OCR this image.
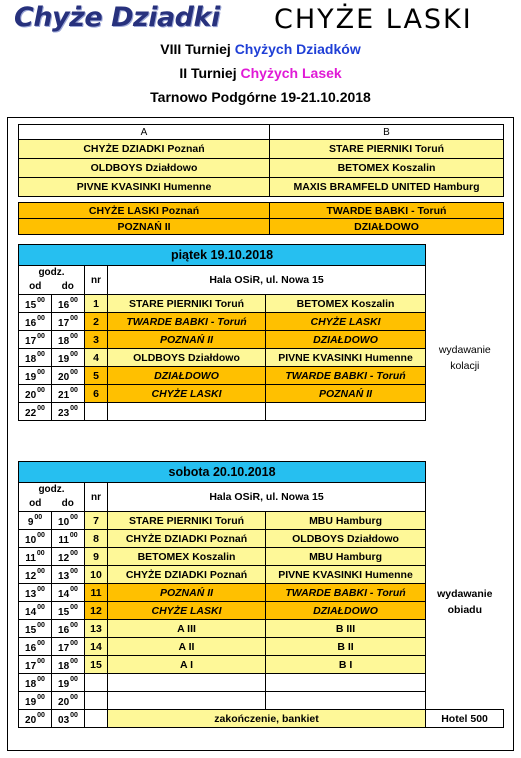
Chyże Dziadki CHYŻE LASKI
VIII Turniej Chyżych Dziadków
II Turniej Chyżych Lasek
Tarnowo Podgórne 19-21.10.2018
A	B
CHYŻE DZIADKI Poznań	STARE PIERNIKI Toruń
OLDBOYS Działdowo	BETOMEX Koszalin
PIVNE KVASINKI Humenne	MAXIS BRAMFELD UNITED Hamburg
CHYŻE LASKI Poznań	TWARDE BABKI - Toruń
POZNAŃ II	DZIAŁDOWO
piątek 19.10.2018					
godz.		nr	Hala OSiR, ul. Nowa 15		
od	do				
$15^{00}$	$16^{00}$	1	STARE PIERNIKI Toruń	BETOMEX Koszalin	
$16^{00}$	$17^{00}$	2	TWARDE BABKI - Toruń	CHYŻE LASKI	
$17^{00}$	$18^{00}$	3	POZNAŃ II	DZIAŁDOWO	wydawanie kolacji
$18^{00}$	$19^{00}$	4	OLDBOYS Działdowo	PIVNE KVASINKI Humenne	
$19^{00}$	$20^{00}$	5	DZIAŁDOWO	TWARDE BABKI - Toruń	
$20^{00}$	$21^{00}$	6	CHYŻE LASKI	POZNAŃ II	
$22^{00}$	$23^{00}$				
sobota 20.10.2018					
godz.		nr	Hala OSiR, ul. Nowa 15		
od	do				
$9^{00}$	$10^{00}$	7	STARE PIERNIKI Toruń	MBU Hamburg	
$10^{00}$	$11^{00}$	8	CHYŻE DZIADKI Poznań	OLDBOYS Działdowo	
$11^{00}$	$12^{00}$	9	BETOMEX Koszalin	MBU Hamburg	
$12^{00}$	$13^{00}$	10	CHYŻE DZIADKI Poznań	PIVNE KVASINKI Humenne	
$13^{00}$	$14^{00}$	11	POZNAŃ II	TWARDE BABKI - Toruń	wydawanie obiadu
$14^{00}$	$15^{00}$	12	CHYŻE LASKI	DZIAŁDOWO	
$15^{00}$	$16^{00}$	13	A III	B III	
$16^{00}$	$17^{00}$	14	A II	B II	
$17^{00}$	$18^{00}$	15	A I	B I	
$18^{00}$	$19^{00}$				
$19^{00}$	$20^{00}$				
$20^{00}$	$03^{00}$		zakończenie, bankiet		Hotel 500
